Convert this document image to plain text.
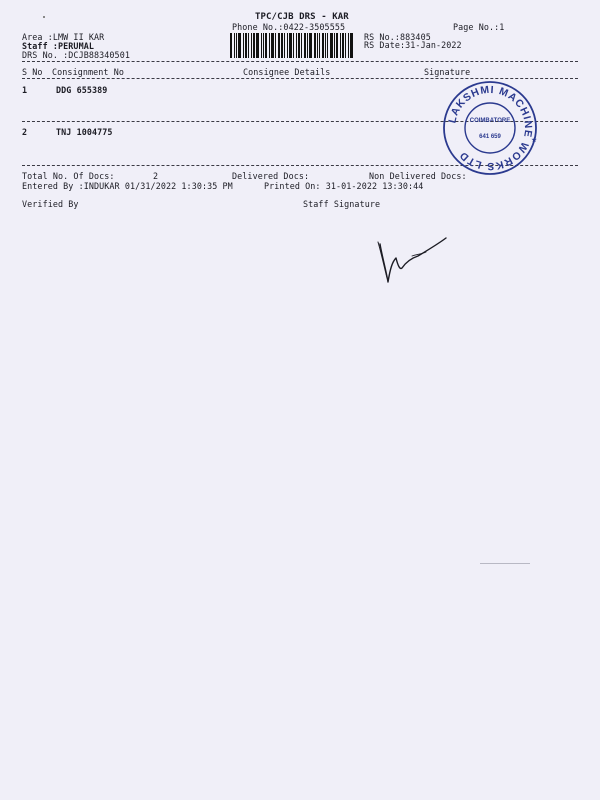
TPC/CJB DRS - KAR
Phone No.:0422-3505555	Page No.:1
Area :LMW II KAR
Staff :PERUMAL
DRS No. :DCJB88340501
RS No.:883405
RS Date:31-Jan-2022
S No Consignment No	Consignee Details	Signature
1	DDG 655389
2	TNJ 1004775
LAKSHMI MACHINE WORKS LTD
COIMBATORE
641 659	★
Total No. Of Docs:	2	Delivered Docs:	Non Delivered Docs:
Entered By :INDUKAR 01/31/2022 1:30:35 PM	Printed On: 31-01-2022 13:30:44
Verified By	Staff Signature
